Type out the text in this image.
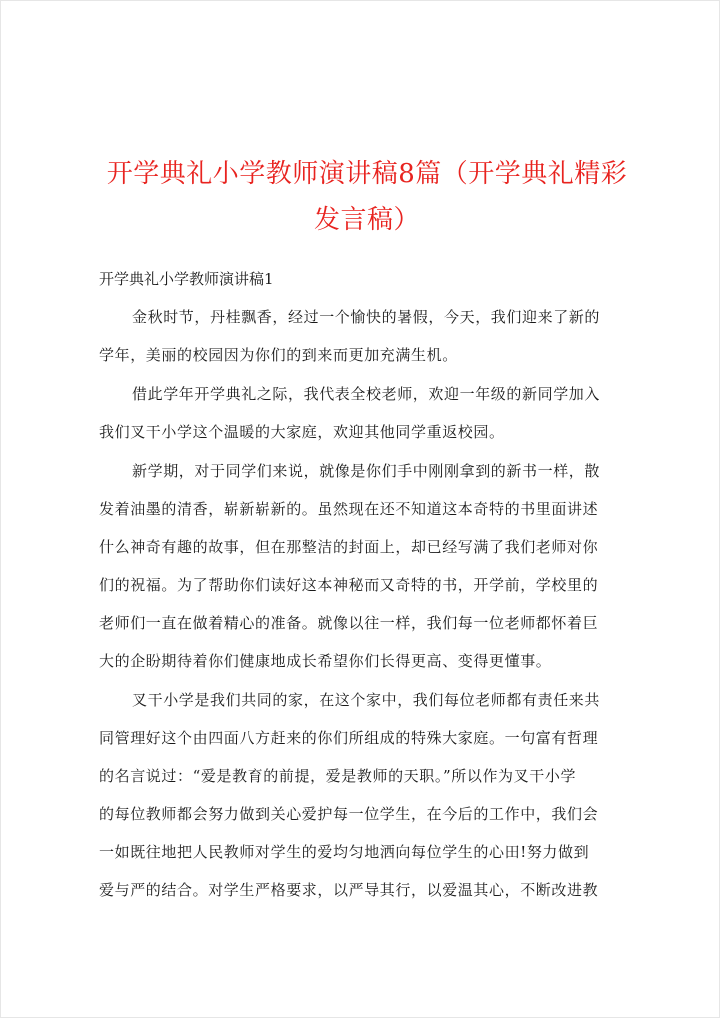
开学典礼小学教师演讲稿8篇（开学典礼精彩
发言稿）

开学典礼小学教师演讲稿1

金秋时节，丹桂飘香，经过一个愉快的暑假，今天，我们迎来了新的

学年，美丽的校园因为你们的到来而更加充满生机。

借此学年开学典礼之际，我代表全校老师，欢迎一年级的新同学加入

我们叉干小学这个温暖的大家庭，欢迎其他同学重返校园。

新学期，对于同学们来说，就像是你们手中刚刚拿到的新书一样，散

发着油墨的清香，崭新崭新的。虽然现在还不知道这本奇特的书里面讲述

什么神奇有趣的故事，但在那整洁的封面上，却已经写满了我们老师对你

们的祝福。为了帮助你们读好这本神秘而又奇特的书，开学前，学校里的

老师们一直在做着精心的准备。就像以往一样，我们每一位老师都怀着巨

大的企盼期待着你们健康地成长希望你们长得更高、变得更懂事。

叉干小学是我们共同的家，在这个家中，我们每位老师都有责任来共

同管理好这个由四面八方赶来的你们所组成的特殊大家庭。一句富有哲理

的名言说过：“爱是教育的前提，爱是教师的天职。”所以作为叉干小学

的每位教师都会努力做到关心爱护每一位学生，在今后的工作中，我们会

一如既往地把人民教师对学生的爱均匀地洒向每位学生的心田!努力做到

爱与严的结合。对学生严格要求，以严导其行，以爱温其心，不断改进教
